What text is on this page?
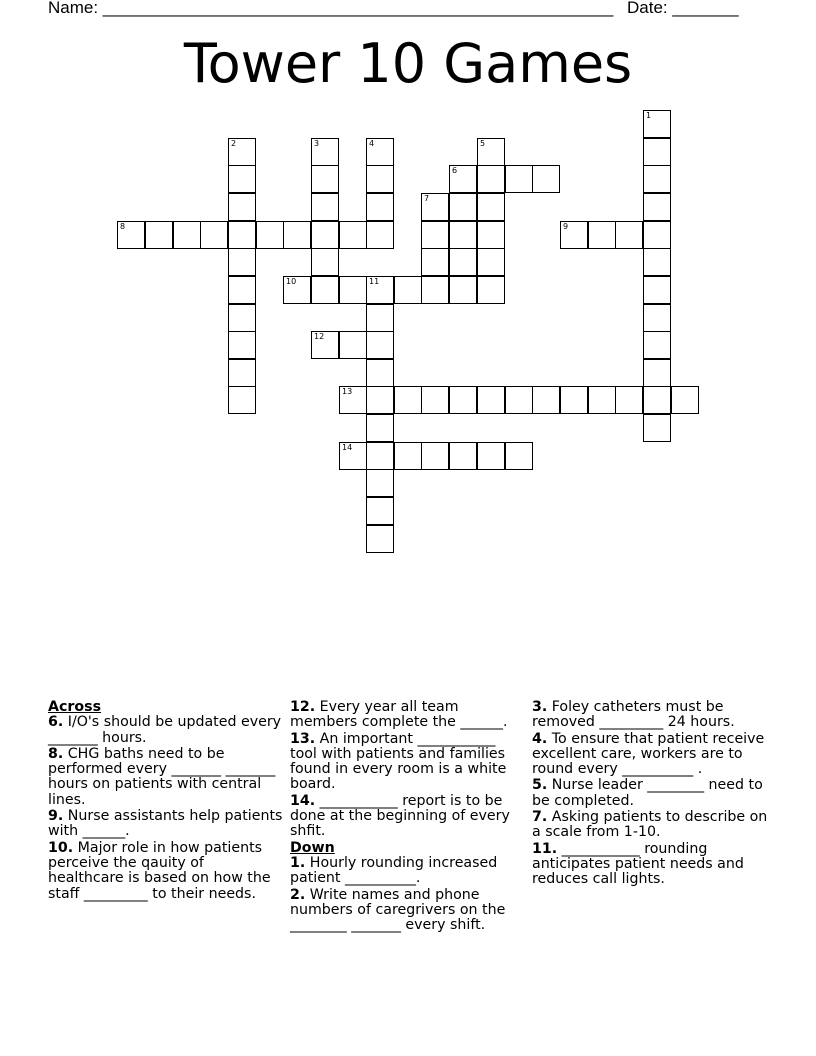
Name: ______________________________________________________ Date: _______
Tower 10 Games
1
2	3	4	5
6
7
8	9
10	11
12
13
14
Across
6. I/O's should be updated every _______ hours.
8. CHG baths need to be performed every _______ _______ hours on patients with central lines.
9. Nurse assistants help patients with ______.
10. Major role in how patients perceive the qauity of healthcare is based on how the staff _________ to their needs.
12. Every year all team members complete the ______.
13. An important ___________ tool with patients and families found in every room is a white board.
14. ___________ report is to be done at the beginning of every shfit.
Down
1. Hourly rounding increased patient __________.
2. Write names and phone numbers of caregrivers on the ________ _______ every shift.
3. Foley catheters must be removed _________ 24 hours.
4. To ensure that patient receive excellent care, workers are to round every __________ .
5. Nurse leader ________ need to be completed.
7. Asking patients to describe on a scale from 1-10.
11. ___________ rounding anticipates patient needs and reduces call lights.
